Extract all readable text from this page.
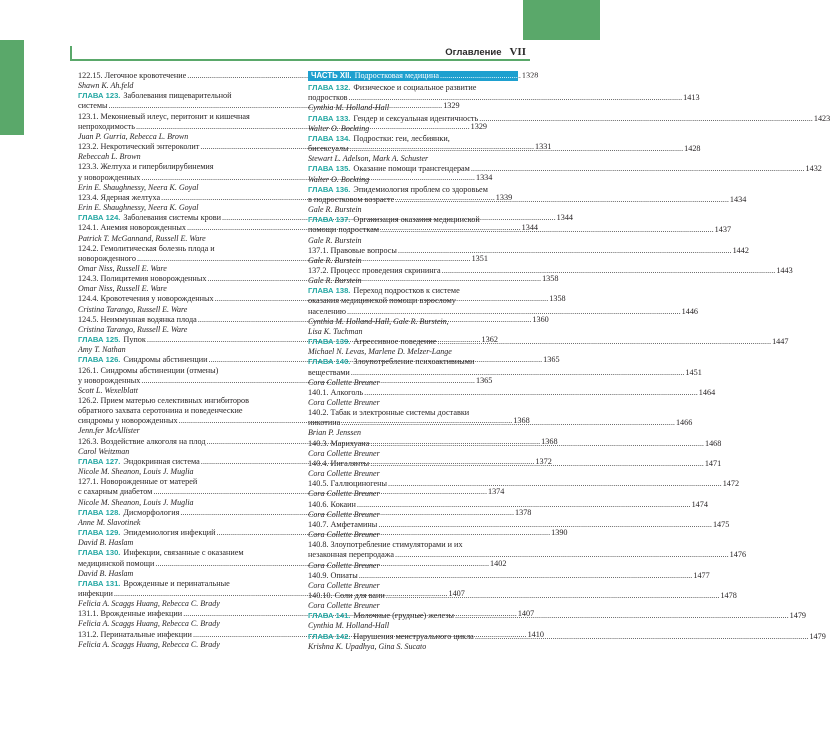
Оглавление VII
122.15. Легочное кровотечение .....	1328
Shawn K. Ah.feld
ГЛАВА 123. Заболевания пищеварительной
системы .....	1329
123.1. Мекониевый илеус, перитонит и кишечная
непроходимость .....	1329
Juan P. Gurria, Rebecca L. Brown
123.2. Некротический энтероколит .....	1331
Rebeccah L. Brown
123.3. Желтуха и гипербилирубинемия
у новорожденных .....	1334
Erin E. Shaughnessy, Neera K. Goyal
123.4. Ядерная желтуха .....	1339
Erin E. Shaughnessy, Neera K. Goyal
ГЛАВА 124. Заболевания системы крови .....	1344
124.1. Анемия новорожденных .....	1344
Patrick T. McGannand, Russell E. Ware
124.2. Гемолитическая болезнь плода и
новорожденного .....	1351
Omar Niss, Russell E. Ware
124.3. Полицитемия новорожденных .....	1358
Omar Niss, Russell E. Ware
124.4. Кровотечения у новорожденных .....	1358
Cristina Tarango, Russell E. Ware
124.5. Неиммунная водянка плода .....	1360
Cristina Tarango, Russell E. Ware
ГЛАВА 125. Пупок .....	1362
Amy T. Nathan
ГЛАВА 126. Синдромы абстиненции .....	1365
126.1. Синдромы абстиненции (отмены)
у новорожденных .....	1365
Scott L. Wexelblatt
126.2. Прием матерью селективных ингибиторов
обратного захвата серотонина и поведенческие
синдромы у новорожденных .....	1368
Jenn.fer McAllister
126.3. Воздействие алкоголя на плод .....	1368
Carol Weitzman
ГЛАВА 127. Эндокринная система .....	1372
Nicole M. Sheanon, Louis J. Muglia
127.1. Новорожденные от матерей
с сахарным диабетом .....	1374
Nicole M. Sheanon, Louis J. Muglia
ГЛАВА 128. Дисморфология .....	1378
Anne M. Slavotinek
ГЛАВА 129. Эпидемиология инфекций .....	1390
David B. Haslam
ГЛАВА 130. Инфекции, связанные с оказанием
медицинской помощи .....	1402
David B. Haslam
ГЛАВА 131. Врожденные и перинатальные
инфекции .....	1407
Felicia A. Scaggs Huang, Rebecca C. Brady
131.1. Врожденные инфекции .....	1407
Felicia A. Scaggs Huang, Rebecca C. Brady
131.2. Перинатальные инфекции .....	1410
Felicia A. Scaggs Huang, Rebecca C. Brady
ЧАСТЬ XII. Подростковая медицина .....	1413
ГЛАВА 132. Физическое и социальное развитие
подростков .....	1413
Cynthia M. Holland-Hall
ГЛАВА 133. Гендер и сексуальная идентичность .....	1423
Walter O. Bockting
ГЛАВА 134. Подростки: геи, лесбиянки,
бисексуалы .....	1428
Stewart L. Adelson, Mark A. Schuster
ГЛАВА 135. Оказание помощи трансгендерам .....	1432
Walter O. Bockting
ГЛАВА 136. Эпидемиология проблем со здоровьем
в подростковом возрасте .....	1434
Gale R. Burstein
ГЛАВА 137. Организация оказания медицинской
помощи подросткам .....	1437
Gale R. Burstein
137.1. Правовые вопросы .....	1442
Gale R. Burstein
137.2. Процесс проведения скрининга .....	1443
Gale R. Burstein
ГЛАВА 138. Переход подростков к системе
оказания медицинской помощи взрослому
населению .....	1446
Cynthia M. Holland-Hall, Gale R. Burstein,
Lisa K. Tuchman
ГЛАВА 139. Агрессивное поведение .....	1447
Michael N. Levas, Marlene D. Melzer-Lange
ГЛАВА 140. Злоупотребление психоактивными
веществами .....	1451
Cora Collette Breuner
140.1. Алкоголь .....	1464
Cora Collette Breuner
140.2. Табак и электронные системы доставки
никотина .....	1466
Brian P. Jenssen
140.3. Марихуана .....	1468
Cora Collette Breuner
140.4. Ингалянты .....	1471
Cora Collette Breuner
140.5. Галлюциногены .....	1472
Cora Collette Breuner
140.6. Кокаин .....	1474
Cora Collette Breuner
140.7. Амфетамины .....	1475
Cora Collette Breuner
140.8. Злоупотребление стимуляторами и их
незаконная перепродажа .....	1476
Cora Collette Breuner
140.9. Опиаты .....	1477
Cora Collette Breuner
140.10. Соли для ванн .....	1478
Cora Collette Breuner
ГЛАВА 141. Молочные (грудные) железы .....	1479
Cynthia M. Holland-Hall
ГЛАВА 142. Нарушения менструального цикла .....	1479
Krishna K. Upadhya, Gina S. Sucato
